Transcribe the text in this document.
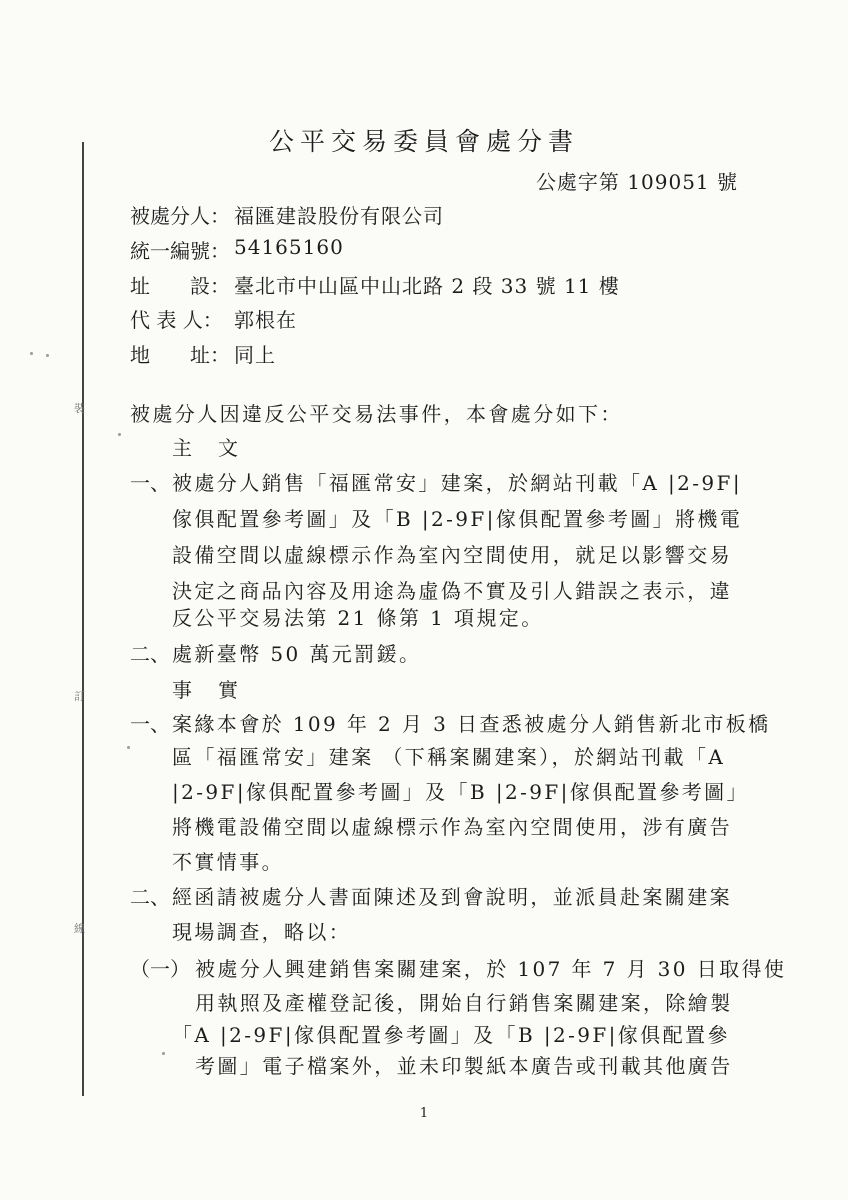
裝
訂
線
公平交易委員會處分書
公處字第 109051 號
被處分人： 福匯建設股份有限公司
統一編號： 54165160
址　　設： 臺北市中山區中山北路 2 段 33 號 11 樓
代 表 人： 郭根在
地　　址： 同上
被處分人因違反公平交易法事件，本會處分如下：
主文
一、 被處分人銷售「福匯常安」建案，於網站刊載「A |2-9F|
傢俱配置參考圖」及「B |2-9F|傢俱配置參考圖」將機電
設備空間以虛線標示作為室內空間使用，就足以影響交易
決定之商品內容及用途為虛偽不實及引人錯誤之表示，違
反公平交易法第 21 條第 1 項規定。
二、 處新臺幣 50 萬元罰鍰。
事實
一、 案緣本會於 109 年 2 月 3 日查悉被處分人銷售新北市板橋
區「福匯常安」建案 （下稱案關建案），於網站刊載「A
|2-9F|傢俱配置參考圖」及「B |2-9F|傢俱配置參考圖」
將機電設備空間以虛線標示作為室內空間使用，涉有廣告
不實情事。
二、 經函請被處分人書面陳述及到會說明，並派員赴案關建案
現場調查，略以：
（一） 被處分人興建銷售案關建案，於 107 年 7 月 30 日取得使
用執照及產權登記後，開始自行銷售案關建案，除繪製
「A |2-9F|傢俱配置參考圖」及「B |2-9F|傢俱配置參
考圖」電子檔案外，並未印製紙本廣告或刊載其他廣告
1
